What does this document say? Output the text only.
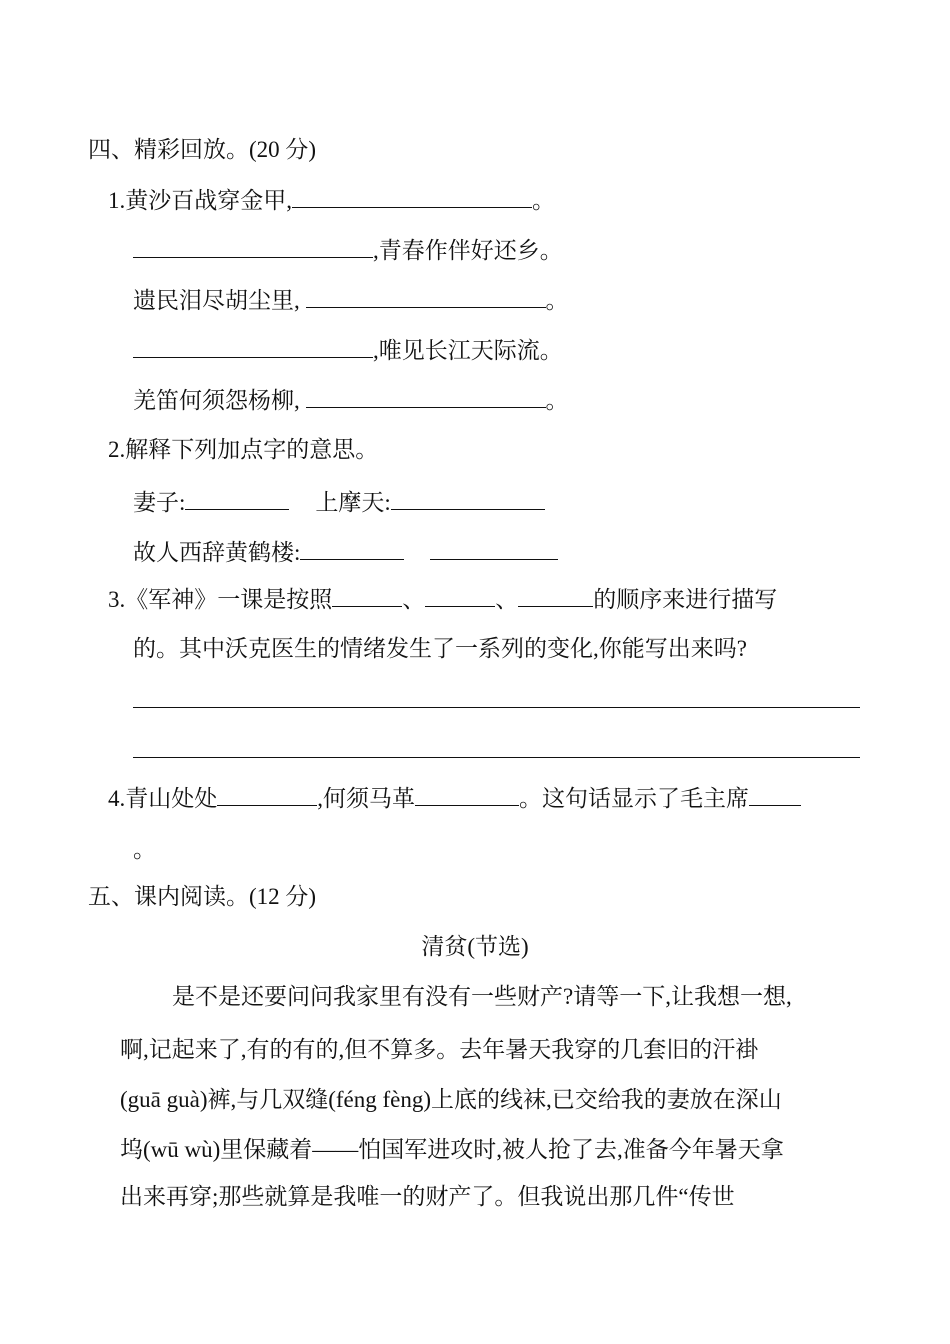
四、精彩回放。(20 分)
1.黄沙百战穿金甲,	。
,青春作伴好还乡。
遗民泪尽胡尘里,	。
,唯见长江天际流。
羌笛何须怨杨柳,	。
2.解释下列加点字的意思。
妻子:	上摩天:
故人西辞黄鹤楼:
3.《军神》一课是按照	、	、	的顺序来进行描写
的。其中沃克医生的情绪发生了一系列的变化,你能写出来吗?
4.青山处处	,何须马革	。这句话显示了毛主席
。
五、课内阅读。(12 分)
清贫(节选)
是不是还要问问我家里有没有一些财产?请等一下,让我想一想,
啊,记起来了,有的有的,但不算多。去年暑天我穿的几套旧的汗褂
(guā guà)裤,与几双缝(féng fèng)上底的线袜,已交给我的妻放在深山
坞(wū wù)里保藏着——怕国军进攻时,被人抢了去,准备今年暑天拿
出来再穿;那些就算是我唯一的财产了。但我说出那几件“传世
